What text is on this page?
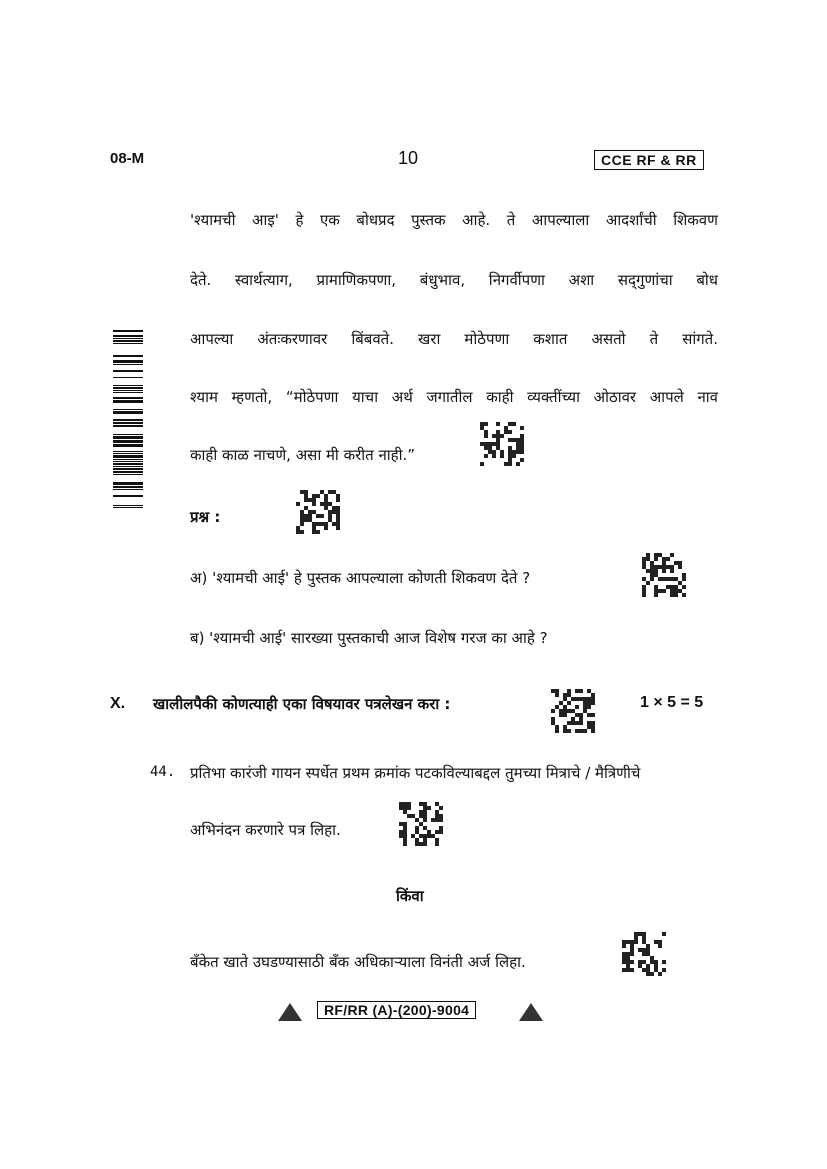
08-M	10	CCE RF & RR
'श्यामची आइ' हे एक बोधप्रद पुस्तक आहे. ते आपल्याला आदर्शांची शिकवण
देते. स्वार्थत्याग, प्रामाणिकपणा, बंधुभाव, निगर्वीपणा अशा सद्‌गुणांचा बोध
आपल्या अंतःकरणावर बिंबवते. खरा मोठेपणा कशात असतो ते सांगते.
श्याम म्हणतो, “मोठेपणा याचा अर्थ जगातील काही व्यक्तींच्या ओठावर आपले नाव
काही काळ नाचणे, असा मी करीत नाही.”
प्रश्न :
अ) 'श्यामची आई' हे पुस्तक आपल्याला कोणती शिकवण देते ?
ब) 'श्यामची आई' सारख्या पुस्तकाची आज विशेष गरज का आहे ?
X. खालीलपैकी कोणत्याही एका विषयावर पत्रलेखन करा :	1 × 5 = 5
44. प्रतिभा कारंजी गायन स्पर्धेत प्रथम क्रमांक पटकविल्याबद्दल तुमच्या मित्राचे / मैत्रिणीचे
अभिनंदन करणारे पत्र लिहा.
किंवा
बँकेत खाते उघडण्यासाठी बँक अधिकाऱ्याला विनंती अर्ज लिहा.
RF/RR (A)-(200)-9004
